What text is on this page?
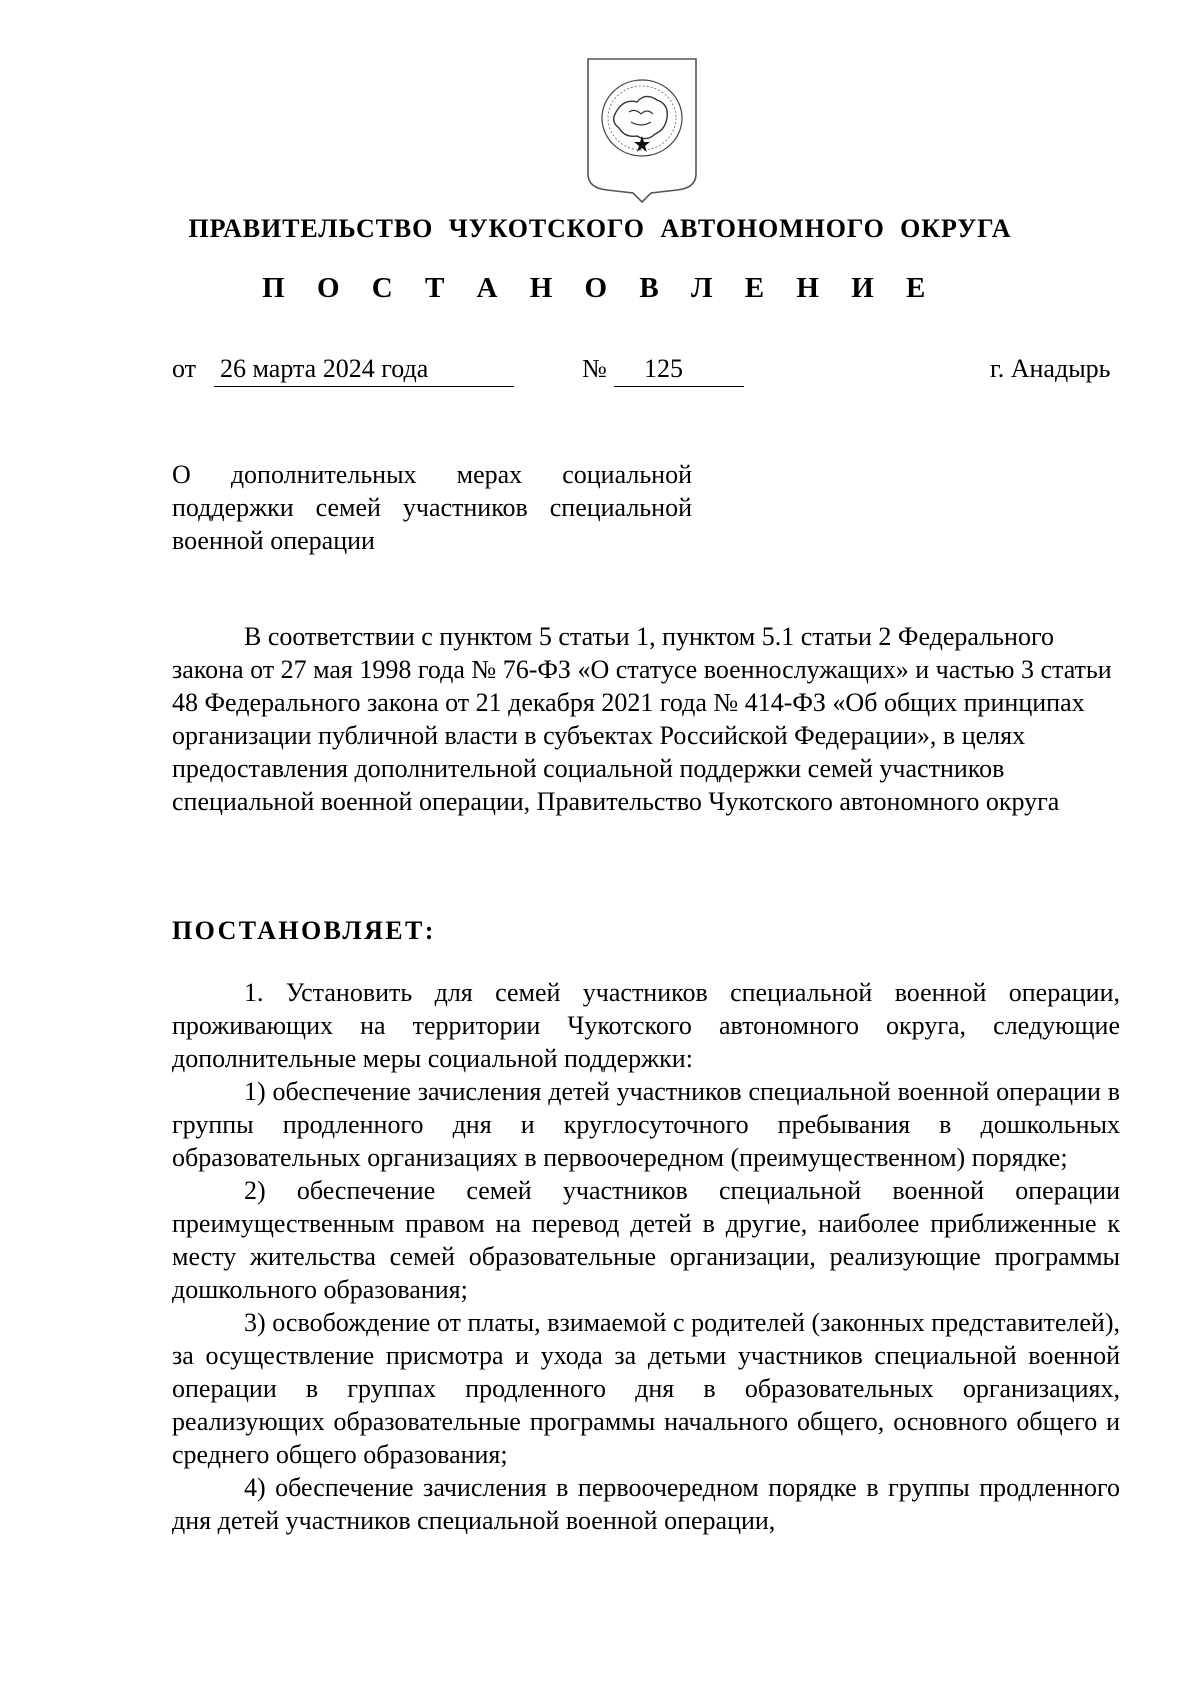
ПРАВИТЕЛЬСТВО ЧУКОТСКОГО АВТОНОМНОГО ОКРУГА
П О С Т А Н О В Л Е Н И Е
от 26 марта 2024 года	№ 125	г. Анадырь
О дополнительных мерах социальной поддержки семей участников специальной военной операции

В соответствии с пунктом 5 статьи 1, пунктом 5.1 статьи 2 Федерального закона от 27 мая 1998 года № 76-ФЗ «О статусе военнослужащих» и частью 3 статьи 48 Федерального закона от 21 декабря 2021 года № 414-ФЗ «Об общих принципах организации публичной власти в субъектах Российской Федерации», в целях предоставления дополнительной социальной поддержки семей участников специальной военной операции, Правительство Чукотского автономного округа

ПОСТАНОВЛЯЕТ:

1. Установить для семей участников специальной военной операции, проживающих на территории Чукотского автономного округа, следующие дополнительные меры социальной поддержки:

1) обеспечение зачисления детей участников специальной военной операции в группы продленного дня и круглосуточного пребывания в дошкольных образовательных организациях в первоочередном (преимущественном) порядке;

2) обеспечение семей участников специальной военной операции преимущественным правом на перевод детей в другие, наиболее приближенные к месту жительства семей образовательные организации, реализующие программы дошкольного образования;

3) освобождение от платы, взимаемой с родителей (законных представителей), за осуществление присмотра и ухода за детьми участников специальной военной операции в группах продленного дня в образовательных организациях, реализующих образовательные программы начального общего, основного общего и среднего общего образования;

4) обеспечение зачисления в первоочередном порядке в группы продленного дня детей участников специальной военной операции,
